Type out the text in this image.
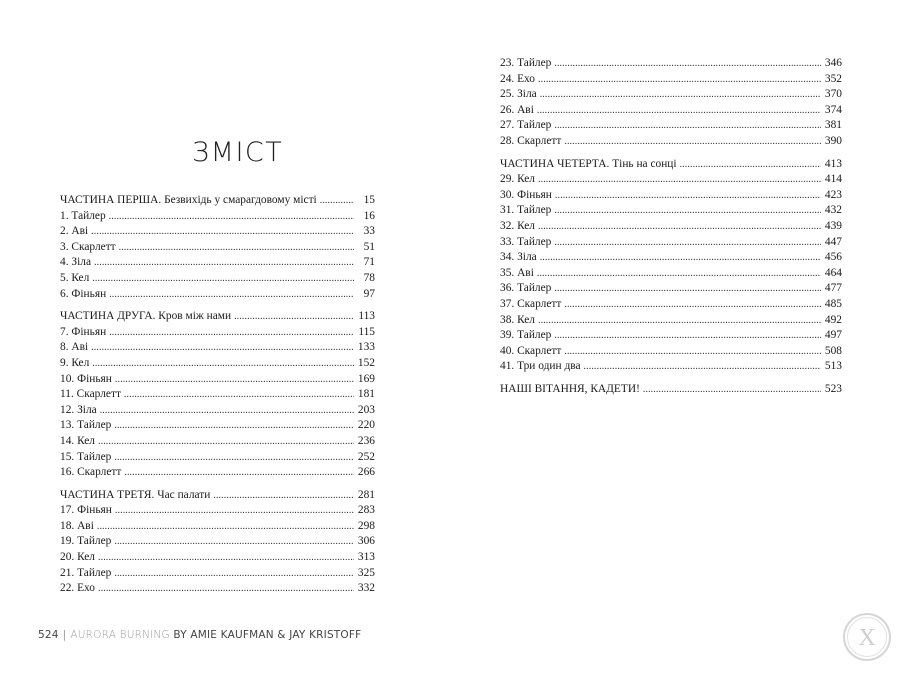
ЗМІСТ
ЧАСТИНА ПЕРША. Безвихідь у смарагдовому місті . . .	15
1. Тайлер . . .	16
2. Аві . . .	33
3. Скарлетт . . .	51
4. Зіла . . .	71
5. Кел . . .	78
6. Фіньян . . .	97
ЧАСТИНА ДРУГА. Кров між нами . . .	113
7. Фіньян . . .	115
8. Аві . . .	133
9. Кел . . .	152
10. Фіньян . . .	169
11. Скарлетт . . .	181
12. Зіла . . .	203
13. Тайлер . . .	220
14. Кел . . .	236
15. Тайлер . . .	252
16. Скарлетт . . .	266
ЧАСТИНА ТРЕТЯ. Час палати . . .	281
17. Фіньян . . .	283
18. Аві . . .	298
19. Тайлер . . .	306
20. Кел . . .	313
21. Тайлер . . .	325
22. Ехо . . .	332
23. Тайлер . . .	346
24. Ехо . . .	352
25. Зіла . . .	370
26. Аві . . .	374
27. Тайлер . . .	381
28. Скарлетт . . .	390
ЧАСТИНА ЧЕТЕРТА. Тінь на сонці . . .	413
29. Кел . . .	414
30. Фіньян . . .	423
31. Тайлер . . .	432
32. Кел . . .	439
33. Тайлер . . .	447
34. Зіла . . .	456
35. Аві . . .	464
36. Тайлер . . .	477
37. Скарлетт . . .	485
38. Кел . . .	492
39. Тайлер . . .	497
40. Скарлетт . . .	508
41. Три один два . . .	513
НАШІ ВІТАННЯ, КАДЕТИ! . . .	523
524 | AURORA BURNING BY AMIE KAUFMAN & JAY KRISTOFF	X
